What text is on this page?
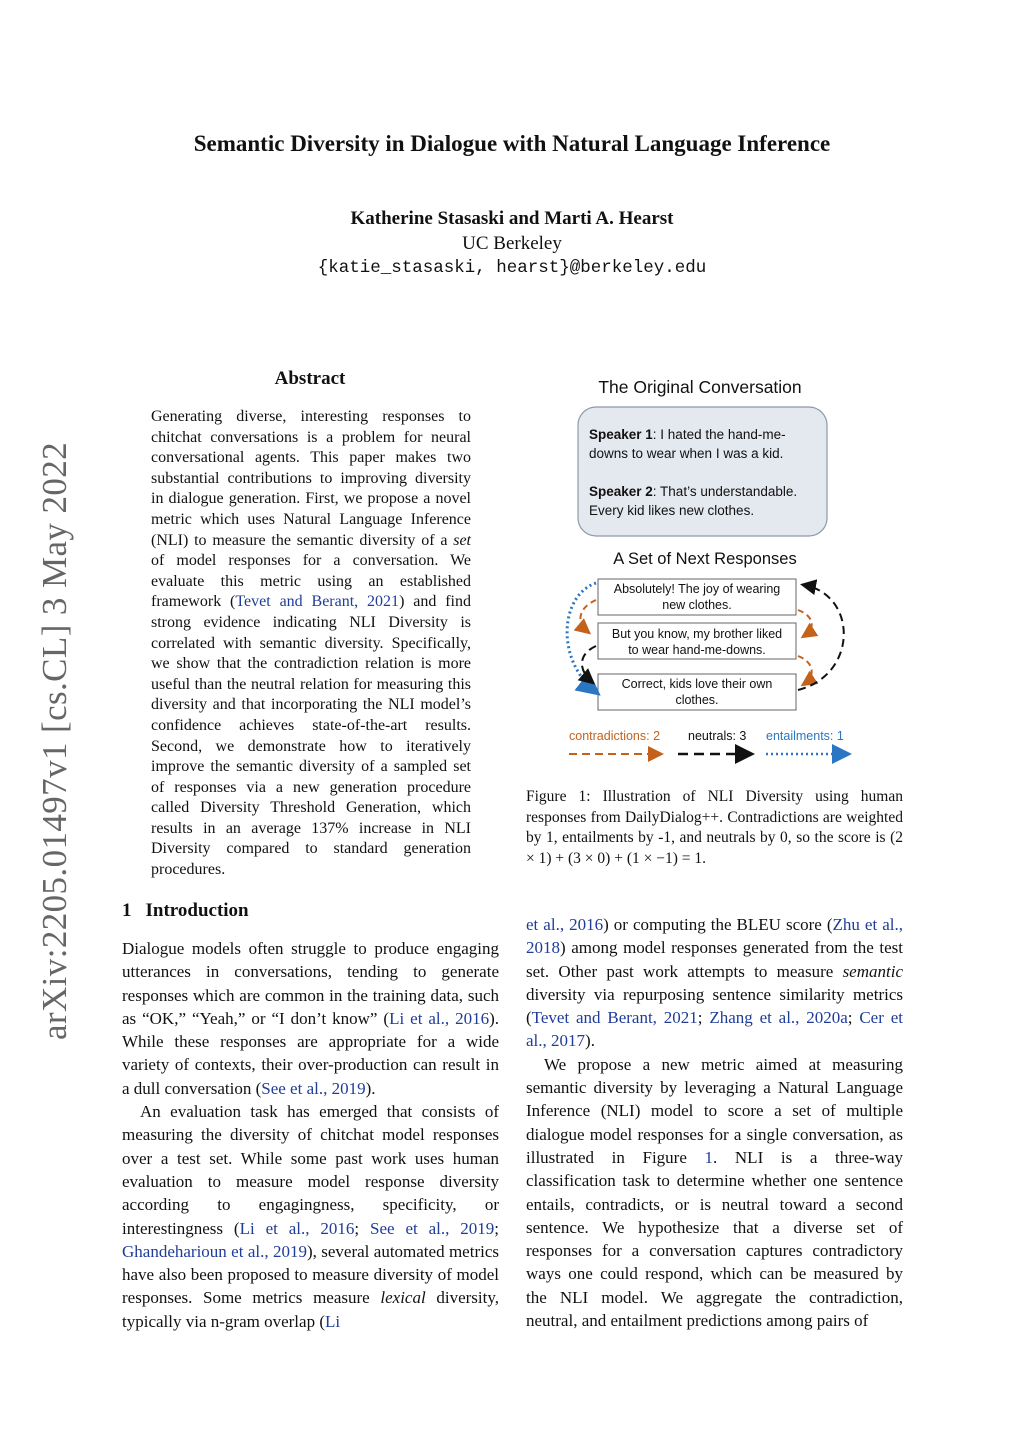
Semantic Diversity in Dialogue with Natural Language Inference
Katherine Stasaski and Marti A. Hearst
UC Berkeley
{katie_stasaski, hearst}@berkeley.edu
arXiv:2205.01497v1 [cs.CL] 3 May 2022
Abstract
Generating diverse, interesting responses to chitchat conversations is a problem for neural conversational agents. This paper makes two substantial contributions to improving diversity in dialogue generation. First, we propose a novel metric which uses Natural Language Inference (NLI) to measure the semantic diversity of a set of model responses for a conversation. We evaluate this metric using an established framework (Tevet and Berant, 2021) and find strong evidence indicating NLI Diversity is correlated with semantic diversity. Specifically, we show that the contradiction relation is more useful than the neutral relation for measuring this diversity and that incorporating the NLI model’s confidence achieves state-of-the-art results. Second, we demonstrate how to iteratively improve the semantic diversity of a sampled set of responses via a new generation procedure called Diversity Threshold Generation, which results in an average 137% increase in NLI Diversity compared to standard generation procedures.
1 Introduction

Dialogue models often struggle to produce engaging utterances in conversations, tending to generate responses which are common in the training data, such as “OK,” “Yeah,” or “I don’t know” (Li et al., 2016). While these responses are appropriate for a wide variety of contexts, their over-production can result in a dull conversation (See et al., 2019).

An evaluation task has emerged that consists of measuring the diversity of chitchat model responses over a test set. While some past work uses human evaluation to measure model response diversity according to engagingness, specificity, or interestingness (Li et al., 2016; See et al., 2019; Ghandeharioun et al., 2019), several automated metrics have also been proposed to measure diversity of model responses. Some metrics measure lexical diversity, typically via n-gram overlap (Li

et al., 2016) or computing the BLEU score (Zhu et al., 2018) among model responses generated from the test set. Other past work attempts to measure semantic diversity via repurposing sentence similarity metrics (Tevet and Berant, 2021; Zhang et al., 2020a; Cer et al., 2017).

We propose a new metric aimed at measuring semantic diversity by leveraging a Natural Language Inference (NLI) model to score a set of multiple dialogue model responses for a single conversation, as illustrated in Figure 1. NLI is a three-way classification task to determine whether one sentence entails, contradicts, or is neutral toward a second sentence. We hypothesize that a diverse set of responses for a conversation captures contradictory ways one could respond, which can be measured by the NLI model. We aggregate the contradiction, neutral, and entailment predictions among pairs of

The Original Conversation
Speaker 1: I hated the hand-me-
downs to wear when I was a kid.
Speaker 2: That’s understandable.
Every kid likes new clothes.
A Set of Next Responses
Absolutely! The joy of wearing
new clothes.
But you know, my brother liked
to wear hand-me-downs.
Correct, kids love their own
clothes.
contradictions: 2 neutrals: 3 entailments: 1
Figure 1: Illustration of NLI Diversity using human responses from DailyDialog++. Contradictions are weighted by 1, entailments by -1, and neutrals by 0, so the score is (2 × 1) + (3 × 0) + (1 × −1) = 1.
